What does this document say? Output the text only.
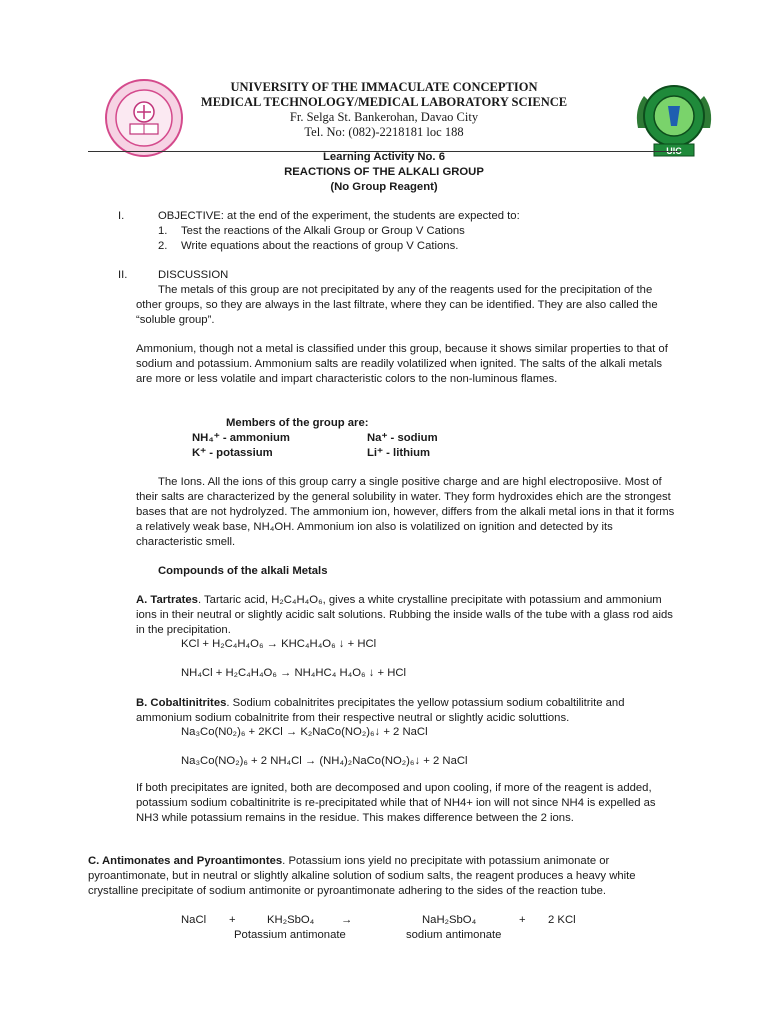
UIC
UNIVERSITY OF THE IMMACULATE CONCEPTION
MEDICAL TECHNOLOGY/MEDICAL LABORATORY SCIENCE
Fr. Selga St. Bankerohan, Davao City
Tel. No: (082)-2218181 loc 188
Learning Activity No. 6
REACTIONS OF THE ALKALI GROUP
(No Group Reagent)
I.	OBJECTIVE: at the end of the experiment, the students are expected to:
1. Test the reactions of the Alkali Group or Group V Cations
2. Write equations about the reactions of group V Cations.
II.	DISCUSSION
The metals of this group are not precipitated by any of the reagents used for the precipitation of the other groups, so they are always in the last filtrate, where they can be identified. They are also called the “soluble group”.
Ammonium, though not a metal is classified under this group, because it shows similar properties to that of sodium and potassium. Ammonium salts are readily volatilized when ignited. The salts of the alkali metals are more or less volatile and impart characteristic colors to the non-luminous flames.
Members of the group are:
NH₄⁺ - ammonium	Na⁺ - sodium
K⁺ - potassium	Li⁺ - lithium
The Ions. All the ions of this group carry a single positive charge and are highl electroposiive. Most of their salts are characterized by the general solubility in water. They form hydroxides ehich are the strongest bases that are not hydrolyzed. The ammonium ion, however, differs from the alkali metal ions in that it forms a relatively weak base, NH₄OH. Ammonium ion also is volatilized on ignition and detected by its characteristic smell.
Compounds of the alkali Metals
A. Tartrates. Tartaric acid, H₂C₄H₄O₆, gives a white crystalline precipitate with potassium and ammonium ions in their neutral or slightly acidic salt solutions. Rubbing the inside walls of the tube with a glass rod aids in the precipitation.
KCl + H₂C₄H₄O₆ → KHC₄H₄O₆ ↓ + HCl
NH₄Cl + H₂C₄H₄O₆ → NH₄HC₄ H₄O₆ ↓ + HCl
B. Cobaltinitrites. Sodium cobalnitrites precipitates the yellow potassium sodium cobaltilitrite and ammonium sodium cobalnitrite from their respective neutral or slightly acidic soluttions.
Na₃Co(N0₂)₆ + 2KCl → K₂NaCo(NO₂)₆↓ + 2 NaCl
Na₃Co(NO₂)₆ + 2 NH₄Cl → (NH₄)₂NaCo(NO₂)₆↓ + 2 NaCl
If both precipitates are ignited, both are decomposed and upon cooling, if more of the reagent is added, potassium sodium cobaltinitrite is re-precipitated while that of NH4+ ion will not since NH4 is expelled as NH3 while potassium remains in the residue. This makes difference between the 2 ions.
C. Antimonates and Pyroantimontes. Potassium ions yield no precipitate with potassium animonate or pyroantimonate, but in neutral or slightly alkaline solution of sodium salts, the reagent produces a heavy white crystalline precipitate of sodium antimonite or pyroantimonate adhering to the sides of the reaction tube.
NaCl +	KH₂SbO₄ →	NaH₂SbO₄	+ 2 KCl
Potassium antimonate	sodium antimonate
